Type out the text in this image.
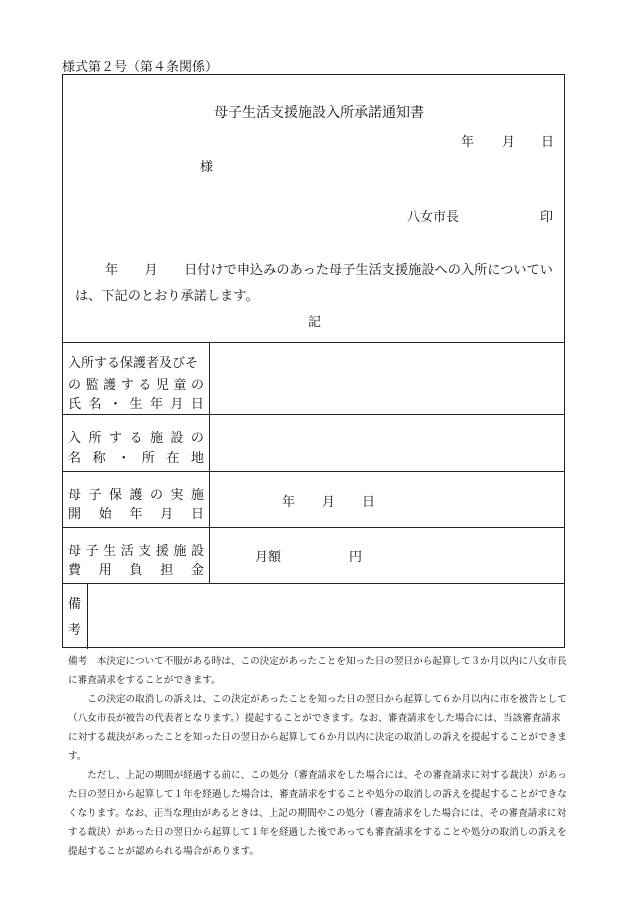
様式第２号（第４条関係）
母子生活支援施設入所承諾通知書
年 月 日
様
八女市長	印
年　　月　　日付けで申込みのあった母子生活支援施設への入所についてい
は、下記のとおり承諾します。
記
入所する保護者及びそ
の 監 護 す る 児 童 の
氏 名 ・ 生 年 月 日
入 所 す る 施 設 の
名 称 ・ 所 在 地
母 子 保 護 の 実 施
開 始 年 月 日
年 月 日
母 子 生 活 支 援 施 設
費 用 負 担 金
月額	円
備
考

備考　 本決定について不服がある時は、この決定があったことを知った日の翌日から起算して３か月以内に八女市長に審査請求をすることができます。

この決定の取消しの訴えは、この決定があったことを知った日の翌日から起算して６か月以内に市を被告として（八女市長が被告の代表者となります。）提起することができます。なお、審査請求をした場合には、当該審査請求に対する裁決があったことを知った日の翌日から起算して６か月以内に決定の取消しの訴えを提起することができます。

ただし、上記の期間が経過する前に、この処分（審査請求をした場合には、その審査請求に対する裁決）があった日の翌日から起算して１年を経過した場合は、審査請求をすることや処分の取消しの訴えを提起することができなくなります。なお、正当な理由があるときは、上記の期間やこの処分（審査請求をした場合には、その審査請求に対する裁決）があった日の翌日から起算して１年を経過した後であっても審査請求をすることや処分の取消しの訴えを提起することが認められる場合があります。
